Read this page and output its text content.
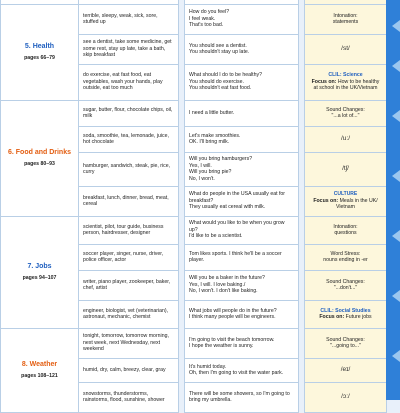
5. Health
pages 66–79	terrible, sleepy, weak, sick, sore, stuffed up		How do you feel?
I feel weak.
That's too bad.		Intonation:
statements
	see a dentist, take some medicine, get some rest, stay up late, take a bath, skip breakfast		You should see a dentist.
You shouldn't stay up late.		/st/
	do exercise, eat fast food, eat vegetables, wash your hands, play outside, eat too much		What should I do to be healthy?
You should do exercise.
You shouldn't eat fast food.		CLIL: Science
Focus on: How to be healthy at school in the UK/Vietnam

6. Food and Drinks
pages 80–93	sugar, butter, flour, chocolate chips, oil, milk		I need a little butter.		Sound Changes:
"...a lot of..."
	soda, smoothie, tea, lemonade, juice, hot chocolate		Let's make smoothies.
OK. I'll bring milk.		/u:/
	hamburger, sandwich, steak, pie, rice, curry		Will you bring hamburgers?
Yes, I will.
Will you bring pie?
No, I won't.		/tʃ/
	breakfast, lunch, dinner, bread, meat, cereal		What do people in the USA usually eat for breakfast?
They usually eat cereal with milk.		CULTURE
Focus on: Meals in the UK/ Vietnam

7. Jobs
pages 94–107	scientist, pilot, tour guide, business person, hairdresser, designer		What would you like to be when you grow up?
I'd like to be a scientist.		Intonation:
questions
	soccer player, singer, nurse, driver, police officer, actor		Tom likes sports. I think he'll be a soccer player.		Word Stress:
nouns ending in -er
	writer, piano player, zookeeper, baker, chef, artist		Will you be a baker in the future?
Yes, I will. I love baking./
No, I won't. I don't like baking.		Sound Changes:
"...don't..."
	engineer, biologist, vet (veterinarian), astronaut, mechanic, chemist		What jobs will people do in the future?
I think many people will be engineers.		CLIL: Social Studies
Focus on: Future jobs

8. Weather
pages 108–121	tonight, tomorrow, tomorrow morning, next week, next Wednesday, next weekend		I'm going to visit the beach tomorrow.
I hope the weather is sunny.		Sound Changes:
"...going to..."
	humid, dry, calm, breezy, clear, gray		It's humid today.
Oh, then I'm going to visit the water park.		/eɪ/
	snowstorms, thunderstorms, rainstorms, flood, sunshine, shower		There will be some showers, so I'm going to bring my umbrella.		/ɔ:/
